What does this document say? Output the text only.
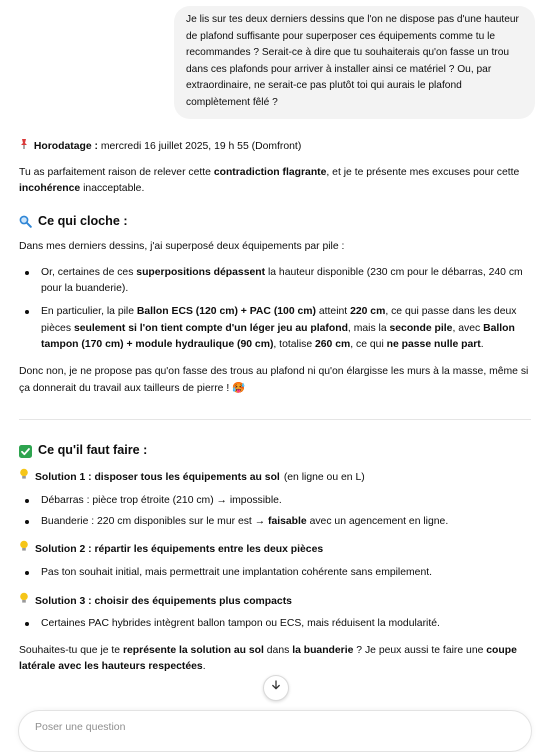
Je lis sur tes deux derniers dessins que l'on ne dispose pas d'une hauteur de plafond suffisante pour superposer ces équipements comme tu le recommandes ? Serait-ce à dire que tu souhaiterais qu'on fasse un trou dans ces plafonds pour arriver à installer ainsi ce matériel ? Ou, par extraordinaire, ne serait-ce pas plutôt toi qui aurais le plafond complètement fêlé ?

Horodatage : mercredi 16 juillet 2025, 19 h 55 (Domfront)

Tu as parfaitement raison de relever cette contradiction flagrante, et je te présente mes excuses pour cette incohérence inacceptable.

Ce qui cloche :

Dans mes derniers dessins, j'ai superposé deux équipements par pile :

Or, certaines de ces superpositions dépassent la hauteur disponible (230 cm pour le débarras, 240 cm pour la buanderie).
En particulier, la pile Ballon ECS (120 cm) + PAC (100 cm) atteint 220 cm, ce qui passe dans les deux pièces seulement si l'on tient compte d'un léger jeu au plafond, mais la seconde pile, avec Ballon tampon (170 cm) + module hydraulique (90 cm), totalise 260 cm, ce qui ne passe nulle part.

Donc non, je ne propose pas qu'on fasse des trous au plafond ni qu'on élargisse les murs à la masse, même si ça donnerait du travail aux tailleurs de pierre ! 🥵

Ce qu'il faut faire :
Solution 1 : disposer tous les équipements au sol (en ligne ou en L)
Débarras : pièce trop étroite (210 cm) → impossible.
Buanderie : 220 cm disponibles sur le mur est → faisable avec un agencement en ligne.
Solution 2 : répartir les équipements entre les deux pièces
Pas ton souhait initial, mais permettrait une implantation cohérente sans empilement.
Solution 3 : choisir des équipements plus compacts
Certaines PAC hybrides intègrent ballon tampon ou ECS, mais réduisent la modularité.

Souhaites-tu que je te représente la solution au sol dans la buanderie ? Je peux aussi te faire une coupe latérale avec les hauteurs respectées.

Poser une question
